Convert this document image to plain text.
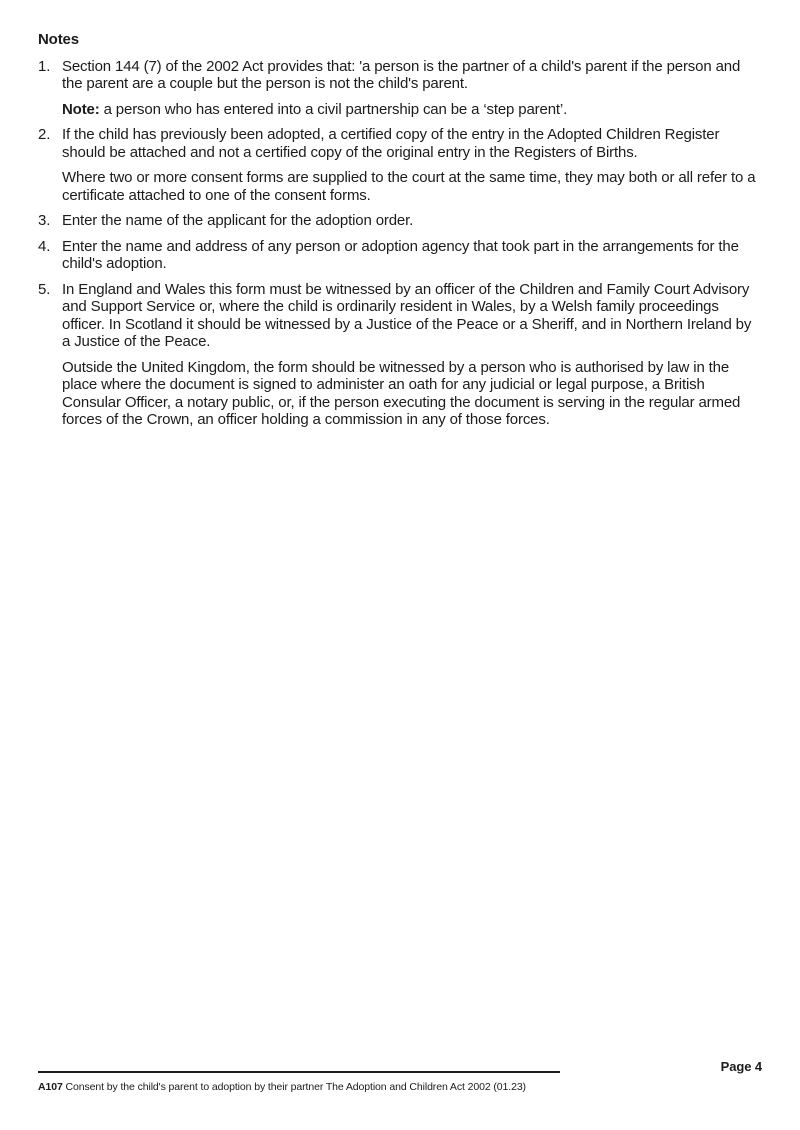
Notes
1. Section 144 (7) of the 2002 Act provides that: 'a person is the partner of a child's parent if the person and the parent are a couple but the person is not the child's parent.

Note: a person who has entered into a civil partnership can be a ‘step parent’.

2. If the child has previously been adopted, a certified copy of the entry in the Adopted Children Register should be attached and not a certified copy of the original entry in the Registers of Births.

Where two or more consent forms are supplied to the court at the same time, they may both or all refer to a certificate attached to one of the consent forms.

3. Enter the name of the applicant for the adoption order.

4. Enter the name and address of any person or adoption agency that took part in the arrangements for the child's adoption.

5. In England and Wales this form must be witnessed by an officer of the Children and Family Court Advisory and Support Service or, where the child is ordinarily resident in Wales, by a Welsh family proceedings officer. In Scotland it should be witnessed by a Justice of the Peace or a Sheriff, and in Northern Ireland by a Justice of the Peace.

Outside the United Kingdom, the form should be witnessed by a person who is authorised by law in the place where the document is signed to administer an oath for any judicial or legal purpose, a British Consular Officer, a notary public, or, if the person executing the document is serving in the regular armed forces of the Crown, an officer holding a commission in any of those forces.

Page 4

A107 Consent by the child's parent to adoption by their partner The Adoption and Children Act 2002 (01.23)
